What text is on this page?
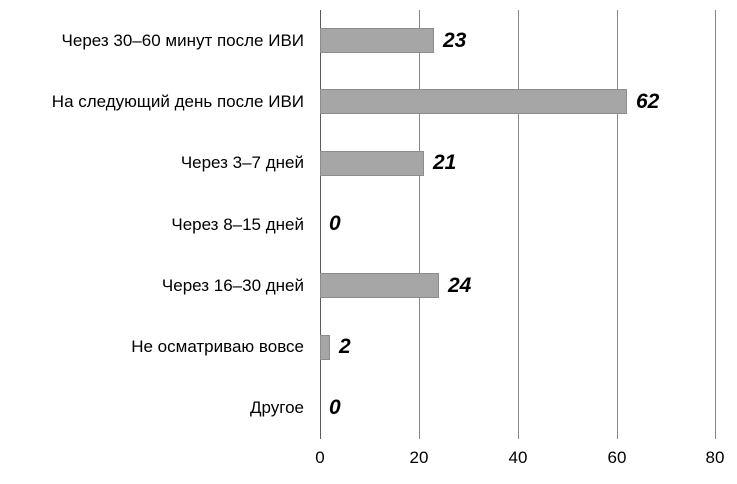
Через 30–60 минут после ИВИ
На следующий день после ИВИ
Через 3–7 дней
Через 8–15 дней
Через 16–30 дней
Не осматриваю вовсе
Другое
23
62
21
0
24
2
0
0	20	40	60	80
